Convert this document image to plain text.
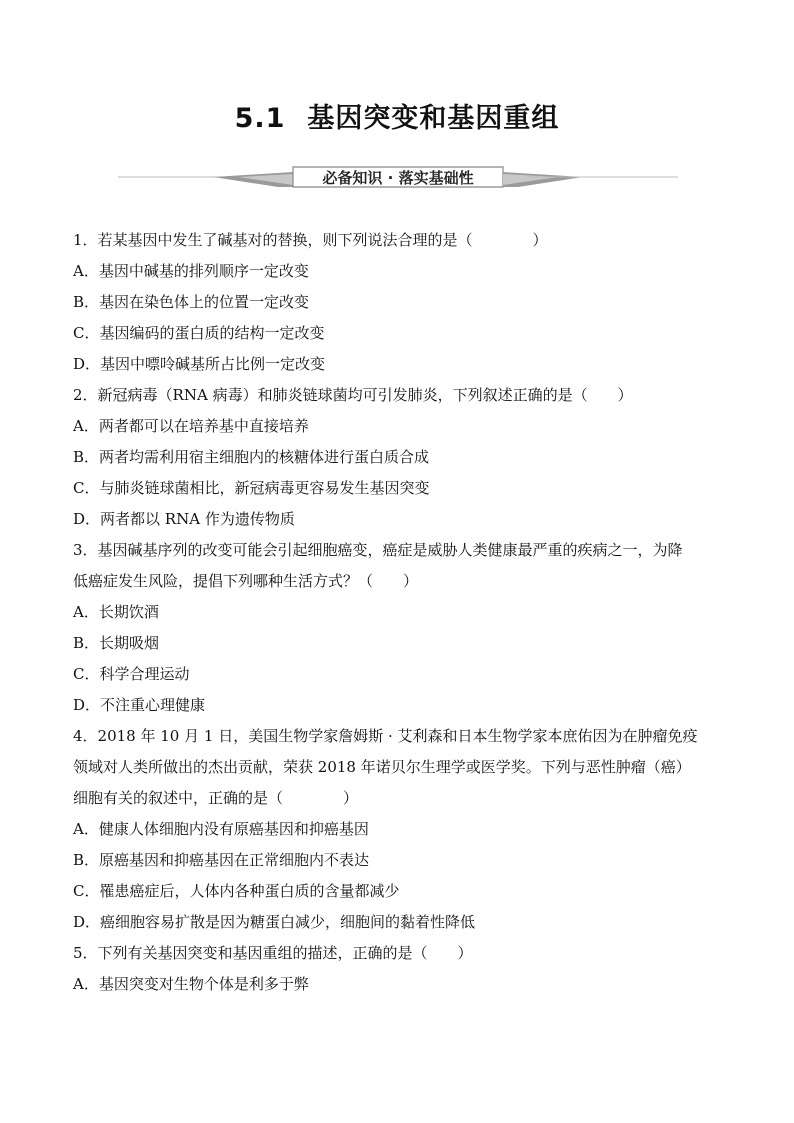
5.1 基因突变和基因重组
必备知识 · 落实基础性
1．若某基因中发生了碱基对的替换，则下列说法合理的是（　　　　）
A．基因中碱基的排列顺序一定改变
B．基因在染色体上的位置一定改变
C．基因编码的蛋白质的结构一定改变
D．基因中嘌呤碱基所占比例一定改变
2．新冠病毒（RNA 病毒）和肺炎链球菌均可引发肺炎，下列叙述正确的是（　　）
A．两者都可以在培养基中直接培养
B．两者均需利用宿主细胞内的核糖体进行蛋白质合成
C．与肺炎链球菌相比，新冠病毒更容易发生基因突变
D．两者都以 RNA 作为遗传物质
3．基因碱基序列的改变可能会引起细胞癌变，癌症是威胁人类健康最严重的疾病之一，为降
低癌症发生风险，提倡下列哪种生活方式？（　　）
A．长期饮酒
B．长期吸烟
C．科学合理运动
D．不注重心理健康
4．2018 年 10 月 1 日，美国生物学家詹姆斯 · 艾利森和日本生物学家本庶佑因为在肿瘤免疫
领域对人类所做出的杰出贡献，荣获 2018 年诺贝尔生理学或医学奖。下列与恶性肿瘤（癌）
细胞有关的叙述中，正确的是（　　　　）
A．健康人体细胞内没有原癌基因和抑癌基因
B．原癌基因和抑癌基因在正常细胞内不表达
C．罹患癌症后，人体内各种蛋白质的含量都减少
D．癌细胞容易扩散是因为糖蛋白减少，细胞间的黏着性降低
5．下列有关基因突变和基因重组的描述，正确的是（　　）
A．基因突变对生物个体是利多于弊
